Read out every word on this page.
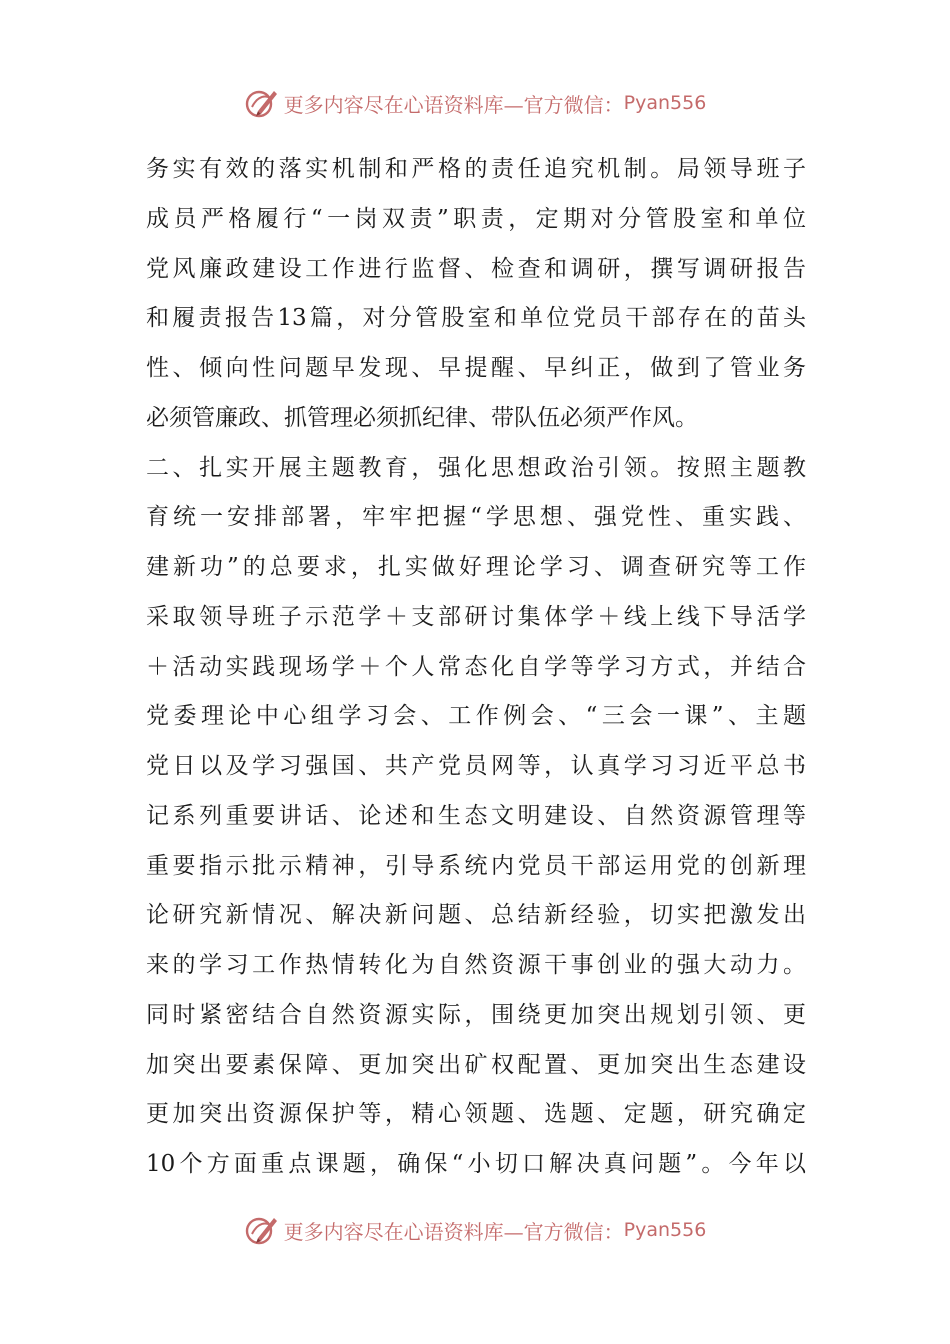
更多内容尽在心语资料库—官方微信： Pyan556
务实有效的落实机制和严格的责任追究机制。局领导班子
成员严格履行“一岗双责”职责，定期对分管股室和单位
党风廉政建设工作进行监督、检查和调研，撰写调研报告
和履责报告13篇，对分管股室和单位党员干部存在的苗头
性、倾向性问题早发现、早提醒、早纠正，做到了管业务
必须管廉政、抓管理必须抓纪律、带队伍必须严作风。
二、扎实开展主题教育，强化思想政治引领。按照主题教
育统一安排部署，牢牢把握“学思想、强党性、重实践、
建新功”的总要求，扎实做好理论学习、调查研究等工作
采取领导班子示范学＋支部研讨集体学＋线上线下导活学
＋活动实践现场学＋个人常态化自学等学习方式，并结合
党委理论中心组学习会、工作例会、“三会一课”、主题
党日以及学习强国、共产党员网等，认真学习习近平总书
记系列重要讲话、论述和生态文明建设、自然资源管理等
重要指示批示精神，引导系统内党员干部运用党的创新理
论研究新情况、解决新问题、总结新经验，切实把激发出
来的学习工作热情转化为自然资源干事创业的强大动力。
同时紧密结合自然资源实际，围绕更加突出规划引领、更
加突出要素保障、更加突出矿权配置、更加突出生态建设
更加突出资源保护等，精心领题、选题、定题，研究确定
10个方面重点课题，确保“小切口解决真问题”。今年以
更多内容尽在心语资料库—官方微信： Pyan556
